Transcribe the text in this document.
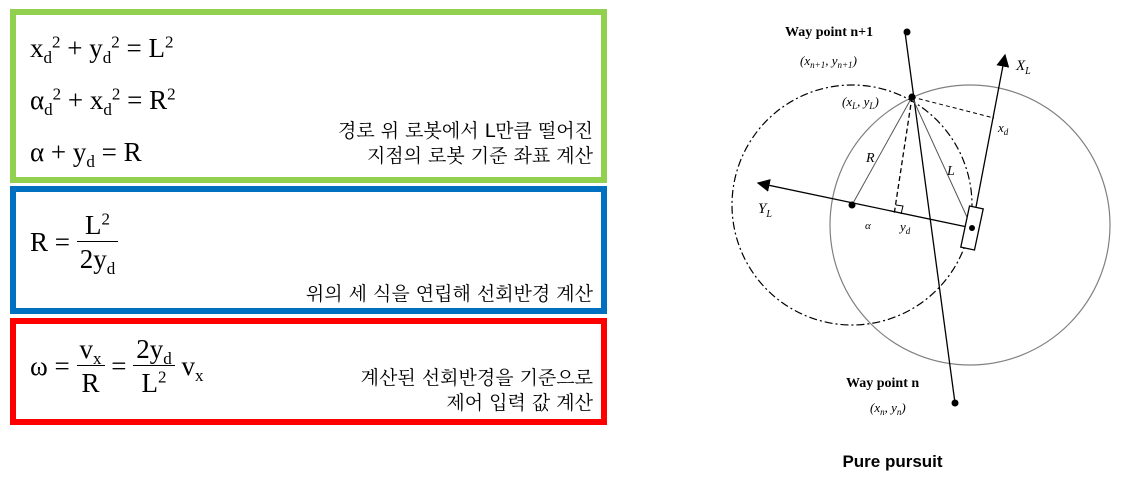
$x_d^2 + y_d^2 = L^2$
$\alpha_d^2 + x_d^2 = R^2$
$\alpha + y_d = R$
경로 위 로봇에서 L만큼 떨어진
지점의 로봇 기준 좌표 계산
$R = \frac{L^2}{2y_d}$
위의 세 식을 연립해 선회반경 계산
$\omega = \frac{v_x}{R} = \frac{2y_d}{L^2} v_x$	계산된 선회반경을 기준으로
제어 입력 값 계산
Way point n+1
($x_{n+1}$, $y_{n+1}$)
($x_L$, $y_L$)
$X_L$
$Y_L$
$x_d$
$y_d$
R
L
α
Way point n
($x_n$, $y_n$)
Pure pursuit
